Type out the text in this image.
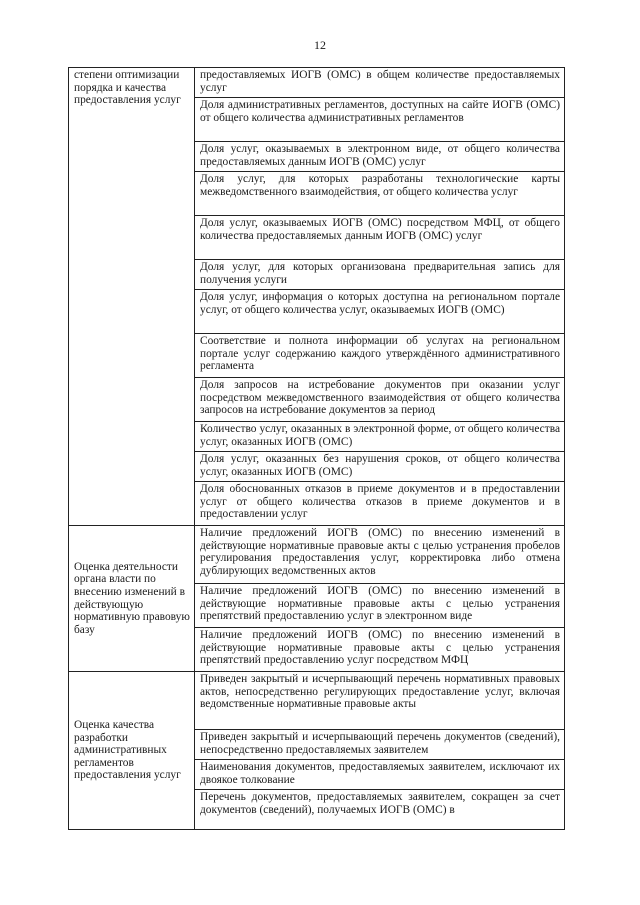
12
степени оптимизации порядка и качества предоставления услуг	предоставляемых ИОГВ (ОМС) в общем количестве предоставляемых услуг
	Доля административных регламентов, доступных на сайте ИОГВ (ОМС) от общего количества административных регламентов
	Доля услуг, оказываемых в электронном виде, от общего количества предоставляемых данным ИОГВ (ОМС) услуг
	Доля услуг, для которых разработаны технологические карты межведомственного взаимодействия, от общего количества услуг
	Доля услуг, оказываемых ИОГВ (ОМС) посредством МФЦ, от общего количества предоставляемых данным ИОГВ (ОМС) услуг
	Доля услуг, для которых организована предварительная запись для получения услуги
	Доля услуг, информация о которых доступна на региональном портале услуг, от общего количества услуг, оказываемых ИОГВ (ОМС)
	Соответствие и полнота информации об услугах на региональном портале услуг содержанию каждого утверждённого административного регламента
	Доля запросов на истребование документов при оказании услуг посредством межведомственного взаимодействия от общего количества запросов на истребование документов за период
	Количество услуг, оказанных в электронной форме, от общего количества услуг, оказанных ИОГВ (ОМС)
	Доля услуг, оказанных без нарушения сроков, от общего количества услуг, оказанных ИОГВ (ОМС)
	Доля обоснованных отказов в приеме документов и в предоставлении услуг от общего количества отказов в приеме документов и в предоставлении услуг

Оценка деятельности органа власти по внесению изменений в действующую нормативную правовую базу	Наличие предложений ИОГВ (ОМС) по внесению изменений в действующие нормативные правовые акты с целью устранения пробелов регулирования предоставления услуг, корректировка либо отмена дублирующих ведомственных актов
	Наличие предложений ИОГВ (ОМС) по внесению изменений в действующие нормативные правовые акты с целью устранения препятствий предоставлению услуг в электронном виде
	Наличие предложений ИОГВ (ОМС) по внесению изменений в действующие нормативные правовые акты с целью устранения препятствий предоставлению услуг посредством МФЦ

Оценка качества разработки административных регламентов предоставления услуг	Приведен закрытый и исчерпывающий перечень нормативных правовых актов, непосредственно регулирующих предоставление услуг, включая ведомственные нормативные правовые акты
	Приведен закрытый и исчерпывающий перечень документов (сведений), непосредственно предоставляемых заявителем
	Наименования документов, предоставляемых заявителем, исключают их двоякое толкование
	Перечень документов, предоставляемых заявителем, сокращен за счет документов (сведений), получаемых ИОГВ (ОМС) в
